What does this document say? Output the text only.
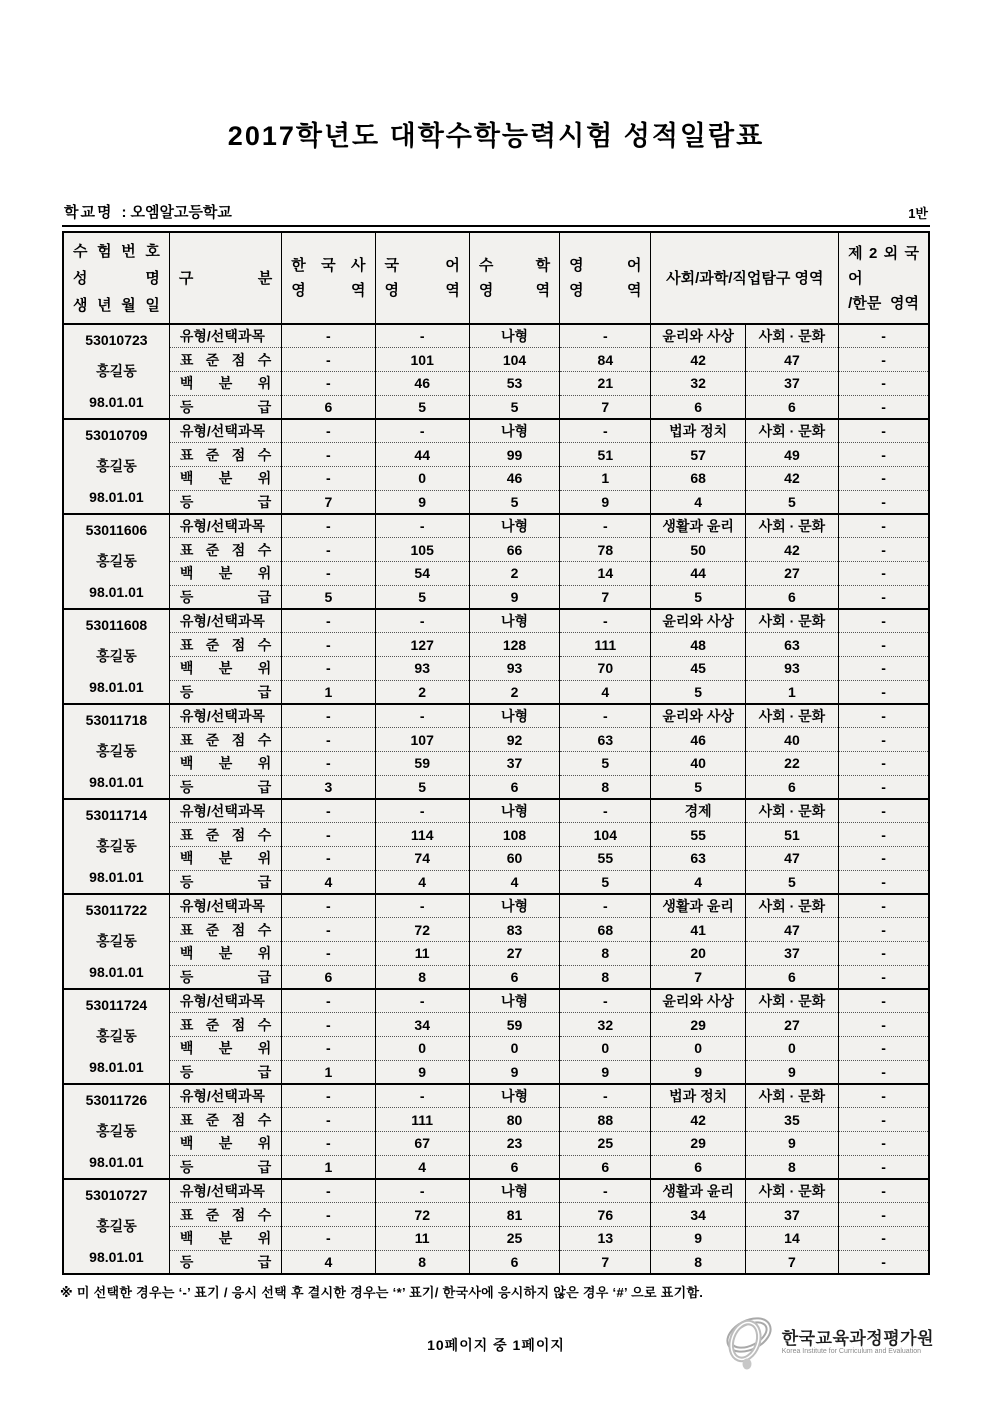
2017학년도 대학수학능력시험 성적일람표
학교명 : 오엠알고등학교	1반
수 험 번 호
성 명
생 년 월 일

구 분

한 국 사
영 역

국 어
영 역

수 학
영 역

영 어
영 역

사회/과학/직업탐구 영역

제 2 외 국 어
/한문 영역

53010723
홍길동
98.01.01	유형/선택과목	-	-	나형	-	윤리와 사상	사회 · 문화	-
	표 준 점 수	-	101	104	84	42	47	-
	백 분 위	-	46	53	21	32	37	-
	등 급	6	5	5	7	6	6	-

53010709
홍길동
98.01.01	유형/선택과목	-	-	나형	-	법과 정치	사회 · 문화	-
	표 준 점 수	-	44	99	51	57	49	-
	백 분 위	-	0	46	1	68	42	-
	등 급	7	9	5	9	4	5	-

53011606
홍길동
98.01.01	유형/선택과목	-	-	나형	-	생활과 윤리	사회 · 문화	-
	표 준 점 수	-	105	66	78	50	42	-
	백 분 위	-	54	2	14	44	27	-
	등 급	5	5	9	7	5	6	-

53011608
홍길동
98.01.01	유형/선택과목	-	-	나형	-	윤리와 사상	사회 · 문화	-
	표 준 점 수	-	127	128	111	48	63	-
	백 분 위	-	93	93	70	45	93	-
	등 급	1	2	2	4	5	1	-

53011718
홍길동
98.01.01	유형/선택과목	-	-	나형	-	윤리와 사상	사회 · 문화	-
	표 준 점 수	-	107	92	63	46	40	-
	백 분 위	-	59	37	5	40	22	-
	등 급	3	5	6	8	5	6	-

53011714
홍길동
98.01.01	유형/선택과목	-	-	나형	-	경제	사회 · 문화	-
	표 준 점 수	-	114	108	104	55	51	-
	백 분 위	-	74	60	55	63	47	-
	등 급	4	4	4	5	4	5	-

53011722
홍길동
98.01.01	유형/선택과목	-	-	나형	-	생활과 윤리	사회 · 문화	-
	표 준 점 수	-	72	83	68	41	47	-
	백 분 위	-	11	27	8	20	37	-
	등 급	6	8	6	8	7	6	-

53011724
홍길동
98.01.01	유형/선택과목	-	-	나형	-	윤리와 사상	사회 · 문화	-
	표 준 점 수	-	34	59	32	29	27	-
	백 분 위	-	0	0	0	0	0	-
	등 급	1	9	9	9	9	9	-

53011726
홍길동
98.01.01	유형/선택과목	-	-	나형	-	법과 정치	사회 · 문화	-
	표 준 점 수	-	111	80	88	42	35	-
	백 분 위	-	67	23	25	29	9	-
	등 급	1	4	6	6	6	8	-

53010727
홍길동
98.01.01	유형/선택과목	-	-	나형	-	생활과 윤리	사회 · 문화	-
	표 준 점 수	-	72	81	76	34	37	-
	백 분 위	-	11	25	13	9	14	-
	등 급	4	8	6	7	8	7	-
※ 미 선택한 경우는 ‘-’ 표기 / 응시 선택 후 결시한 경우는 ‘*’ 표기/ 한국사에 응시하지 않은 경우 ‘#’ 으로 표기함.
10페이지 중 1페이지	한국교육과정평가원
Korea Institute for Curriculum and Evaluation
